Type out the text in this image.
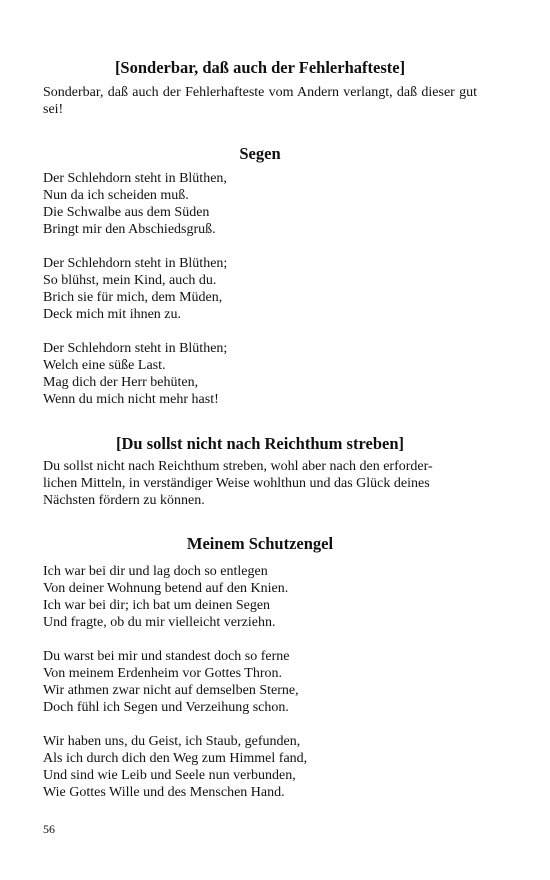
[Sonderbar, daß auch der Fehlerhafteste]

Sonderbar, daß auch der Fehlerhafteste vom Andern verlangt, daß dieser gut sei!

Segen
Der Schlehdorn steht in Blüthen,
Nun da ich scheiden muß.
Die Schwalbe aus dem Süden
Bringt mir den Abschiedsgruß.
Der Schlehdorn steht in Blüthen;
So blühst, mein Kind, auch du.
Brich sie für mich, dem Müden,
Deck mich mit ihnen zu.
Der Schlehdorn steht in Blüthen;
Welch eine süße Last.
Mag dich der Herr behüten,
Wenn du mich nicht mehr hast!
[Du sollst nicht nach Reichthum streben]
Du sollst nicht nach Reichthum streben, wohl aber nach den erforder-
lichen Mitteln, in verständiger Weise wohlthun und das Glück deines
Nächsten fördern zu können.
Meinem Schutzengel
Ich war bei dir und lag doch so entlegen
Von deiner Wohnung betend auf den Knien.
Ich war bei dir; ich bat um deinen Segen
Und fragte, ob du mir vielleicht verziehn.
Du warst bei mir und standest doch so ferne
Von meinem Erdenheim vor Gottes Thron.
Wir athmen zwar nicht auf demselben Sterne,
Doch fühl ich Segen und Verzeihung schon.
Wir haben uns, du Geist, ich Staub, gefunden,
Als ich durch dich den Weg zum Himmel fand,
Und sind wie Leib und Seele nun verbunden,
Wie Gottes Wille und des Menschen Hand.
56
